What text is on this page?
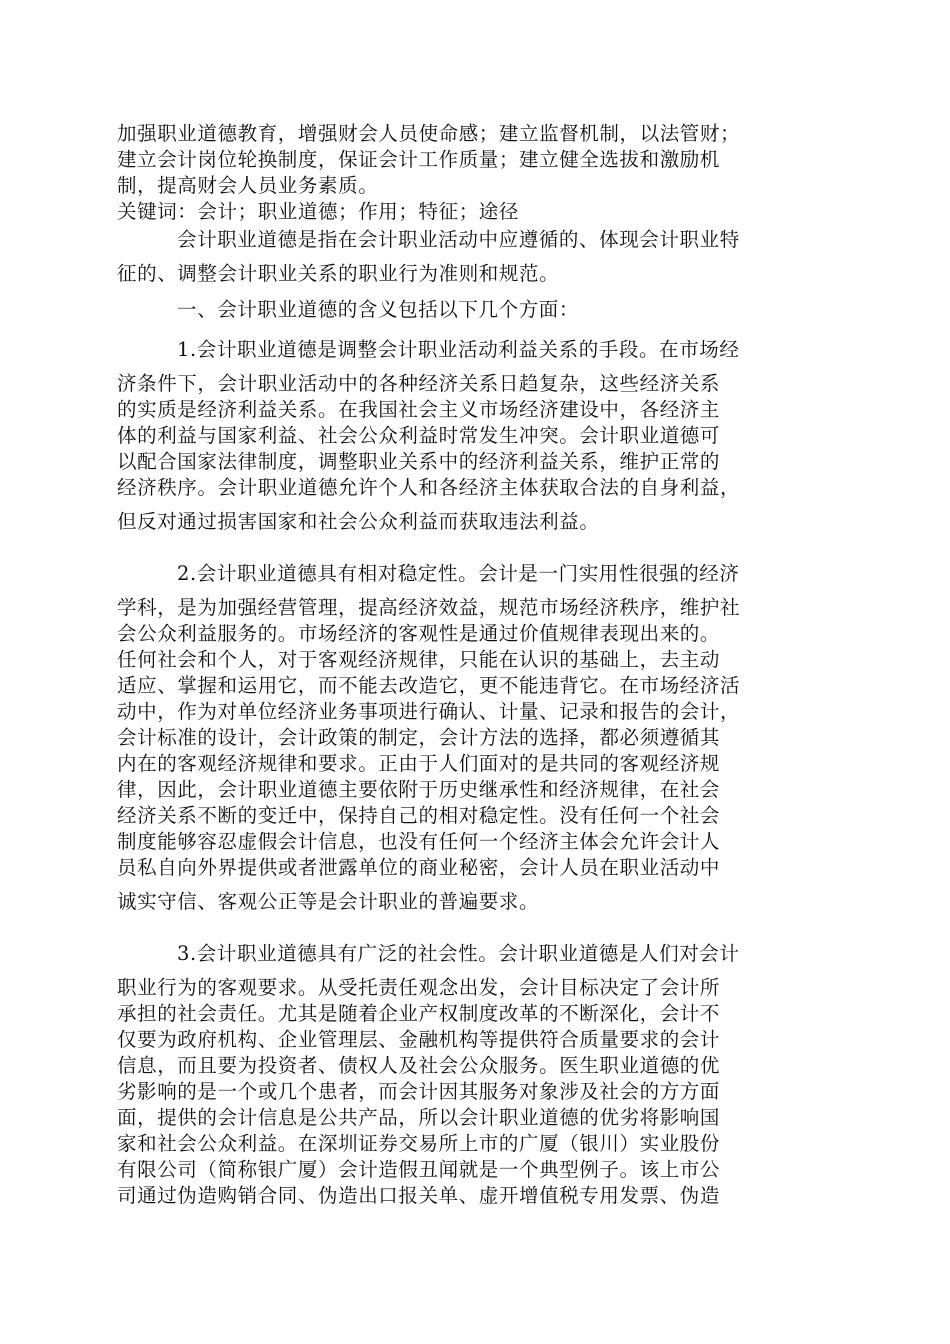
加强职业道德教育，增强财会人员使命感；建立监督机制，以法管财；
建立会计岗位轮换制度，保证会计工作质量；建立健全选拔和激励机
制，提高财会人员业务素质。
关键词：会计；职业道德；作用；特征；途径
会计职业道德是指在会计职业活动中应遵循的、体现会计职业特
征的、调整会计职业关系的职业行为准则和规范。
一、会计职业道德的含义包括以下几个方面：
1.会计职业道德是调整会计职业活动利益关系的手段。在市场经
济条件下，会计职业活动中的各种经济关系日趋复杂，这些经济关系
的实质是经济利益关系。在我国社会主义市场经济建设中，各经济主
体的利益与国家利益、社会公众利益时常发生冲突。会计职业道德可
以配合国家法律制度，调整职业关系中的经济利益关系，维护正常的
经济秩序。会计职业道德允许个人和各经济主体获取合法的自身利益，
但反对通过损害国家和社会公众利益而获取违法利益。
2.会计职业道德具有相对稳定性。会计是一门实用性很强的经济
学科，是为加强经营管理，提高经济效益，规范市场经济秩序，维护社
会公众利益服务的。市场经济的客观性是通过价值规律表现出来的。
任何社会和个人，对于客观经济规律，只能在认识的基础上，去主动
适应、掌握和运用它，而不能去改造它，更不能违背它。在市场经济活
动中，作为对单位经济业务事项进行确认、计量、记录和报告的会计，
会计标准的设计，会计政策的制定，会计方法的选择，都必须遵循其
内在的客观经济规律和要求。正由于人们面对的是共同的客观经济规
律，因此，会计职业道德主要依附于历史继承性和经济规律，在社会
经济关系不断的变迁中，保持自己的相对稳定性。没有任何一个社会
制度能够容忍虚假会计信息，也没有任何一个经济主体会允许会计人
员私自向外界提供或者泄露单位的商业秘密，会计人员在职业活动中
诚实守信、客观公正等是会计职业的普遍要求。
3.会计职业道德具有广泛的社会性。会计职业道德是人们对会计
职业行为的客观要求。从受托责任观念出发，会计目标决定了会计所
承担的社会责任。尤其是随着企业产权制度改革的不断深化，会计不
仅要为政府机构、企业管理层、金融机构等提供符合质量要求的会计
信息，而且要为投资者、债权人及社会公众服务。医生职业道德的优
劣影响的是一个或几个患者，而会计因其服务对象涉及社会的方方面
面，提供的会计信息是公共产品，所以会计职业道德的优劣将影响国
家和社会公众利益。在深圳证券交易所上市的广厦（银川）实业股份
有限公司（简称银广厦）会计造假丑闻就是一个典型例子。该上市公
司通过伪造购销合同、伪造出口报关单、虚开增值税专用发票、伪造
